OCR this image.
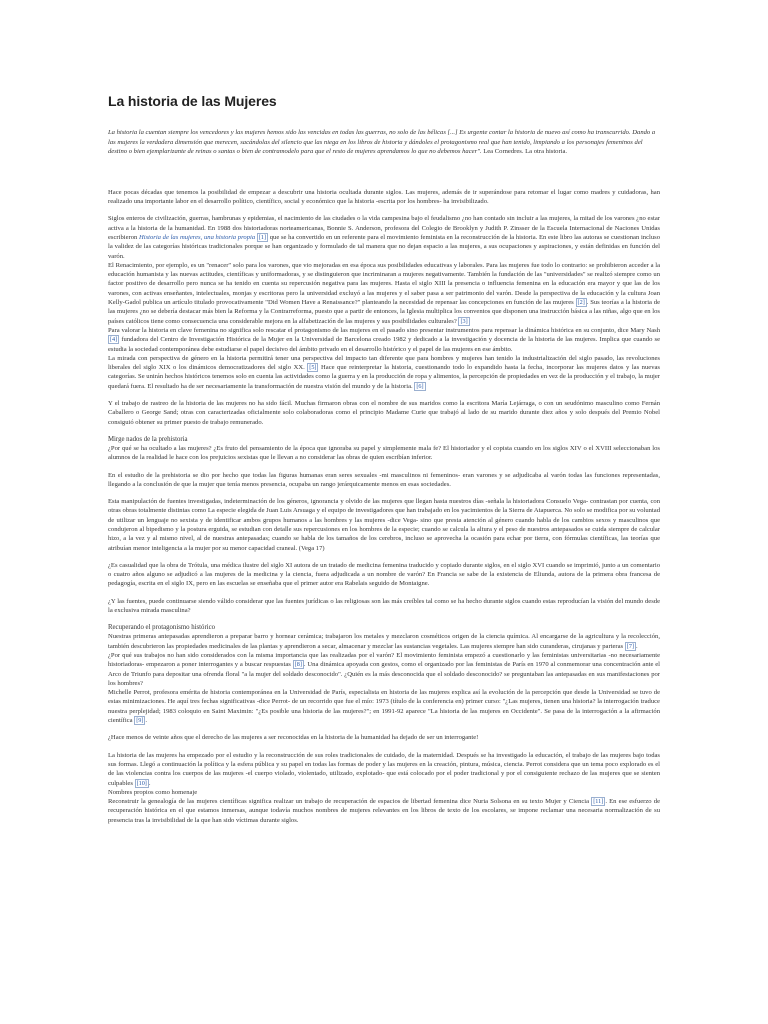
La historia de las Mujeres
La historia la cuentan siempre los vencedores y las mujeres hemos sido las vencidas en todas las guerras, no solo de las bélicas [...] Es urgente contar la historia de nuevo así como ha transcurrido. Dando a las mujeres la verdadera dimensión que merecen, sacándolas del silencio que las niega en los libros de historia y dándoles el protagonismo real que han tenido, limpiando a los personajes femeninos del destino o bien ejemplarizante de reinas o santas o bien de contramodelo para que el resto de mujeres aprendamos lo que no debemos hacer". Lea Cornedres. La otra historia.

Hace pocas décadas que tenemos la posibilidad de empezar a descubrir una historia ocultada durante siglos. Las mujeres, además de ir superándose para retomar el lugar como madres y cuidadoras, han realizado una importante labor en el desarrollo político, científico, social y económico que la historia -escrita por los hombres- ha invisibilizado.

Siglos enteros de civilización, guerras, hambrunas y epidemias, el nacimiento de las ciudades o la vida campesina bajo el feudalismo ¿no han contado sin incluir a las mujeres, la mitad de los varones ¿no estar activa a la historia de la humanidad. En 1988 dos historiadoras norteamericanas, Bonnie S. Anderson, profesora del Colegio de Brooklyn y Judith P. Zinsser de la Escuela Internacional de Naciones Unidas escribieron Historia de las mujeres, una historia propia [1] que se ha convertido en un referente para el movimiento feminista en la reconstrucción de la historia. En este libro las autoras se cuestionan incluso la validez de las categorías históricas tradicionales porque se han organizado y formulado de tal manera que no dejan espacio a las mujeres, a sus ocupaciones y aspiraciones, y están definidas en función del varón.

El Renacimiento, por ejemplo, es un "renacer" solo para los varones, que vio mejoradas en esa época sus posibilidades educativas y laborales. Para las mujeres fue todo lo contrario: se prohibieron acceder a la educación humanista y las nuevas actitudes, científicas y uniformadoras, y se distinguieron que incriminaran a mujeres negativamente. También la fundación de las "universidades" se realizó siempre como un factor positivo de desarrollo pero nunca se ha tenido en cuenta su repercusión negativa para las mujeres. Hasta el siglo XIII la presencia o influencia femenina en la educación era mayor y que las de los varones, con activas enseñantes, intelectuales, monjas y escritoras pero la universidad excluyó a las mujeres y el saber pasa a ser patrimonio del varón. Desde la perspectiva de la educación y la cultura Joan Kelly-Gadol publica un artículo titulado provocativamente "Did Women Have a Renaissance?" planteando la necesidad de repensar las concepciones en función de las mujeres [2] . Sus teorías a la historia de las mujeres ¿no se debería destacar más bien la Reforma y la Contrarreforma, puesto que a partir de entonces, la Iglesia multiplica los conventos que disponen una instrucción básica a las niñas, algo que en los países católicos tiene como consecuencia una considerable mejora en la alfabetización de las mujeres y sus posibilidades culturales? [3]

Para valorar la historia en clave femenina no significa solo rescatar el protagonismo de las mujeres en el pasado sino presentar instrumentos para repensar la dinámica histórica en su conjunto, dice Mary Nash [4] fundadora del Centro de Investigación Histórica de la Mujer en la Universidad de Barcelona creado 1982 y dedicado a la investigación y docencia de la historia de las mujeres. Implica que cuando se estudia la sociedad contemporánea debe estudiarse el papel decisivo del ámbito privado en el desarrollo histórico y el papel de las mujeres en ese ámbito.

La mirada con perspectiva de género en la historia permitirá tener una perspectiva del impacto tan diferente que para hombres y mujeres han tenido la industrialización del siglo pasado, las revoluciones liberales del siglo XIX o los dinámicos democratizadores del siglo XX. [5] Hace que reinterpretar la historia, cuestionando todo lo expandido hasta la fecha, incorporar las mujeres datos y las nuevas categorías. Se unirán hechos históricos tenemos solo en cuenta las actividades como la guerra y en la producción de ropa y alimentos, la percepción de propiedades en vez de la producción y el trabajo, la mujer quedará fuera. El resultado ha de ser necesariamente la transformación de nuestra visión del mundo y de la historia. [6]

Y el trabajo de rastreo de la historia de las mujeres no ha sido fácil. Muchas firmaron obras con el nombre de sus maridos como la escritora María Lejárraga, o con un seudónimo masculino como Fernán Caballero o George Sand; otras con caracterizadas oficialmente solo colaboradoras como el principio Madame Curie que trabajó al lado de su marido durante diez años y solo después del Premio Nobel consiguió obtener su primer puesto de trabajo remunerado.

Mirge nados de la prehistoria

¿Por qué se ha ocultado a las mujeres? ¿Es fruto del pensamiento de la época que ignoraba su papel y simplemente mala fe? El historiador y el copista cuando en los siglos XIV o el XVIII seleccionaban los alumnos de la realidad le hace con los prejuicios sexistas que le llevan a no considerar las obras de quien escribían inferior.

En el estudio de la prehistoria se dio por hecho que todas las figuras humanas eran seres sexuales -mi masculinos ni femeninos- eran varones y se adjudicaba al varón todas las funciones representadas, llegando a la conclusión de que la mujer que tenía menos presencia, ocupaba un rango jerárquicamente menos en esas sociedades.

Esta manipulación de fuentes investigadas, indeterminación de los géneros, ignorancia y olvido de las mujeres que llegan hasta nuestros días -señala la historiadora Consuelo Vega- contrastan por cuenta, con otras obras totalmente distintas como La especie elegida de Juan Luis Arsuaga y el equipo de investigadores que han trabajado en los yacimientos de la Sierra de Atapuerca. No solo se modifica por su voluntad de utilizar un lenguaje no sexista y de identificar ambos grupos humanos a las hombres y las mujeres -dice Vega- sino que presta atención al género cuando habla de los cambios sexos y masculinos que condujeron al bipedismo y la postura erguida, se estudian con detalle sus repercusiones en los hombres de la especie; cuando se calcula la altura y el peso de nuestros antepasados se cuida siempre de calcular hizo, a la vez y al mismo nivel, al de nuestras antepasadas; cuando se habla de los tamaños de los cerebros, incluso se aprovecha la ocasión para echar por tierra, con fórmulas científicas, las teorías que atribuían menor inteligencia a la mujer por su menor capacidad craneal. (Vega 17)

¿Es casualidad que la obra de Trótula, una médica ilustre del siglo XI autora de un tratado de medicina femenina traducido y copiado durante siglos, en el siglo XVI cuando se imprimió, junto a un comentario o cuatro años alguno se adjudicó a las mujeres de la medicina y la ciencia, fuera adjudicada a un nombre de varón? En Francia se sabe de la existencia de Eliunda, autora de la primera obra francesa de pedagogía, escrita en el siglo IX, pero en las escuelas se enseñaba que el primer autor era Rabelais seguido de Montaigne.

¿Y las fuentes, puede continuarse siendo válido considerar que las fuentes jurídicas o las religiosas son las más creíbles tal como se ha hecho durante siglos cuando estas reproducían la visión del mundo desde la exclusiva mirada masculina?

Recuperando el protagonismo histórico

Nuestras primeras antepasadas aprendieron a preparar barro y hornear cerámica; trabajaron los metales y mezclaron cosméticos origen de la ciencia química. Al encargarse de la agricultura y la recolección, también descubrieron las propiedades medicinales de las plantas y aprendieron a secar, almacenar y mezclar las sustancias vegetales. Las mujeres siempre han sido curanderas, cirujanas y parteras [7] .

¿Por qué sus trabajos no han sido considerados con la misma importancia que las realizadas por el varón? El movimiento feminista empezó a cuestionarlo y las feministas universitarias -no necesariamente historiadoras- empezaron a poner interrogantes y a buscar respuestas [8] . Una dinámica apoyada con gestos, como el organizado por las feministas de París en 1970 al conmemorar una concentración ante el Arco de Triunfo para depositar una ofrenda floral "a la mujer del soldado desconocido". ¿Quién es la más desconocida que el soldado desconocido? se preguntaban las antepasadas en sus manifestaciones por los hombres?

Michelle Perrot, profesora emérita de historia contemporánea en la Universidad de París, especialista en historia de las mujeres explica así la evolución de la percepción que desde la Universidad se tuvo de estas minimizaciones. He aquí tres fechas significativas -dice Perrot- de un recorrido que fue el mío: 1973 (título de la conferencia en) primer curso: "¿Las mujeres, tienen una historia? la interrogación traduce nuestra perplejidad; 1983 coloquio en Saint Maximin: "¿Es posible una historia de las mujeres?"; en 1991-92 aparece "La historia de las mujeres en Occidente". Se pasa de la interrogación a la afirmación científica [9] .

¿Hace menos de veinte años que el derecho de las mujeres a ser reconocidas en la historia de la humanidad ha dejado de ser un interrogante!

La historia de las mujeres ha empezado por el estudio y la reconstrucción de sus roles tradicionales de cuidado, de la maternidad. Después se ha investigado la educación, el trabajo de las mujeres bajo todas sus formas. Llegó a continuación la política y la esfera pública y su papel en todas las formas de poder y las mujeres en la creación, pintura, música, ciencia. Perrot considera que un tema poco explorado es el de las violencias contra los cuerpos de las mujeres -el cuerpo violado, violentado, utilizado, explotado- que está colocado por el poder tradicional y por el consiguiente rechazo de las mujeres que se sienten culpables [10] .

Nombres propios como homenaje

Reconstruir la genealogía de las mujeres científicas significa realizar un trabajo de recuperación de espacios de libertad femenina dice Nuria Solsona en su texto Mujer y Ciencia [11] . En ese esfuerzo de recuperación histórica en el que estamos inmersas, aunque todavía muchos nombres de mujeres relevantes en los libros de texto de los escolares, se impone reclamar una necesaria normalización de su presencia tras la invisibilidad de la que han sido víctimas durante siglos.
